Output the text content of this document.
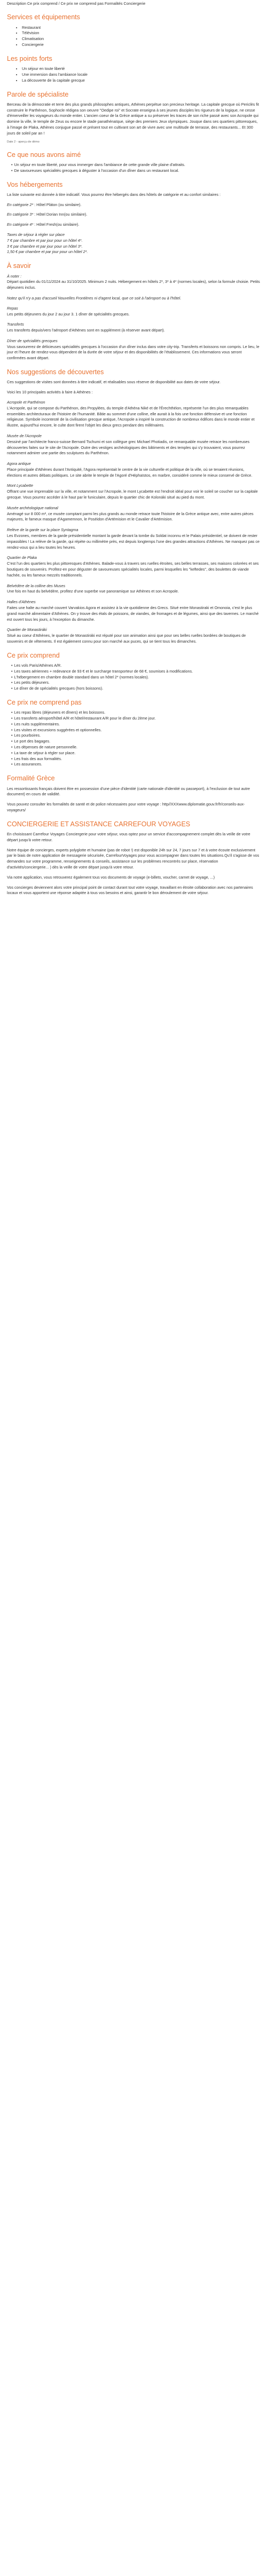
Description Ce prix comprend / Ce prix ne comprend pas Formalités Conciergerie

Services et équipements
• Restaurant
• Télévision
• Climatisation
• Conciergerie
Les points forts
• Un séjour en toute liberté
• Une immersion dans l'ambiance locale
• La découverte de la capitale grecque
Parole de spécialiste

Berceau de la démocratie et terre des plus grands philosophes antiques, Athènes perpétue son precieux heritage. La capitale grecque où Periclès fit construire le Parthénon, Sophocle rédigea son oeuvre "Oedipe roi" et Socrate enseigna à ses jeunes disciples les rigueurs de la logique, ne cesse d'émerveiller les voyageurs du monde entier. L'ancien coeur de la Grèce antique a su préserver les traces de son riche passé avec son Acropole qui domine la ville, le temple de Zeus ou encore le stade panathénaïque, siège des premiers Jeux olympiques. Jouque dans ses quartiers pittoresques, à l'image de Plaka, Athènes conjugue passé et présent tout en cultivant son art de vivre avec une multitude de terrasse, des restaurants... Et 300 jours de soleil par an !

Date 2 - aperçu de démo

Ce que nous avons aimé
• Un séjour en toute liberté, pour vous immerger dans l'ambiance de cette grande ville plaine d'attraits.
• De savoureuses spécialités grecques à déguster à l'occasion d'un dîner dans un restaurant local.
Vos hébergements

La liste suivante est donnée à titre indicatif. Vous pourrez être hébergés dans des hôtels de catégorie et au confort similaires :

En catégorie 2* : Hôtel Pláton (ou similaire).

En catégorie 3* : Hôtel Dorian Inn(ou similaire).

En catégorie 4* : Hôtel Fresh(ou similaire).

Taxes de séjour à régler sur place
7 € par chambre et par jour pour un hôtel 4*.
3 € par chambre et par jour pour un hôtel 3*.
1,50 € par chambre et par jour pour un hôtel 2*.
À savoir
À noter :
Départ quotidien du 01/11/2024 au 31/10/2025. Minimum 2 nuits. Hébergement en hôtels 2*, 3* à 4* (normes locales), selon la formule choisie. Petits déjeuners inclus.

Notez qu'il n'y a pas d'accueil Nouvelles Frontières ni d'agent local, que ce soit à l'aéroport ou à l'hôtel.

Repas
Les petits déjeuners du jour 2 au jour 3. 1 dîner de spécialités grecques.
Transferts
Les transferts depuis/vers l'aéroport d'Athènes sont en supplément (à réserver avant départ).
Dîner de spécialités grecques
Vous savourerez de délicieuses spécialités grecques à l'occasion d'un dîner inclus dans votre city-trip. Transferts et boissons non compris. Le lieu, le jour et l'heure de rendez-vous dépendent de la durée de votre séjour et des disponibilités de l'établissement. Ces informations vous seront confirmées avant départ.
Nos suggestions de découvertes

Ces suggestions de visites sont données à titre indicatif, et réalisables sous réserve de disponibilité aux dates de votre séjour.

Voici les 10 principales activités à faire à Athènes :

Acropole et Parthénon
L'Acropole, qui se compose du Parthénon, des Propylées, du temple d'Athéna Niké et de l'Érechthéion, représente l'un des plus remarquables ensembles architecturaux de l'histoire de l'humanité. Bâtie au sommet d'une colline, elle aurait à la fois une fonction défensive et une fonction religieuse. Symbole incontesté de la civilisation grecque antique, l'Acropole a inspiré la construction de nombreux édifices dans le monde entier et illustre, aujourd'hui encore, le culte dont firent l'objet les dieux grecs pendant des millénaires.
Musée de l'Acropole
Dessiné par l'architecte franco-suisse Bernard Tschumi et son collègue grec Michael Photiadis, ce remarquable musée retrace les nombreuses découvertes faites sur le site de l'Acropole. Outre des vestiges archéologiques des bâtiments et des temples qui s'y trouvaient, vous pourrez notamment admirer une partie des sculptures du Parthénon.
Agora antique
Place principale d'Athènes durant l'Antiquité, l'Agora représentait le centre de la vie culturelle et politique de la ville, où se tenaient réunions, élections et autres débats politiques. Le site abrite le temple de l'Agoré d'Héphaïstos, en marbre, considéré comme le mieux conservé de Grèce.
Mont Lycabette
Offrant une vue imprenable sur la ville, et notamment sur l'Acropole, le mont Lycabette est l'endroit idéal pour voir le soleil se coucher sur la capitale grecque. Vous pourrez accéder à le haut par le funiculaire, depuis le quartier chic de Kolonáki situé au pied du mont.
Musée archéologique national
Aménagé sur 8 000 m², ce musée comptant parmi les plus grands au monde retrace toute l'histoire de la Grèce antique avec, entre autres pièces majeures, le fameux masque d'Agamemnon, le Poséidon d'Artémision et le Cavalier d'Artémision.
Relève de la garde sur la place Syntagma
Les Evzones, membres de la garde présidentielle montant la garde devant la tombe du Soldat inconnu et le Palais présidentiel, se doivent de rester impassibles ! La relève de la garde, qui répète ou millimètre près, est depuis longtemps l'une des grandes attractions d'Athènes. Ne manquez pas ce rendez-vous qui a lieu toutes les heures.
Quartier de Plaka
C'est l'un des quartiers les plus pittoresques d'Athènes. Balade-vous à travers ses ruelles étroites, ses belles terrasses, ses maisons colorées et ses boutiques de souvenirs. Profitez-en pour déguster de savoureuses spécialités locales, parmi lesquelles les "keftedes", des boulettes de viande hachée, ou les fameux mezzés traditionnels.
Belvédère de la colline des Muses
Une fois en haut du belvédère, profitez d'une superbe vue panoramique sur Athènes et son Acropole.
Halles d'Athènes
Faites une halte au marché couvert Varvakios Agora et assistez à la vie quotidienne des Grecs. Situé entre Monastiraki et Omonoia, c'est le plus grand marché alimentaire d'Athènes. On y trouve des étals de poissons, de viandes, de fromages et de légumes, ainsi que des tavernes. Le marché est ouvert tous les jours, à l'exception du dimanche.
Quartier de Monastiráki
Situé au coeur d'Athènes, le quartier de Monastiráki est réputé pour son animation ainsi que pour ses belles ruelles bordées de boutiques de souvenirs et de vêtements. Il est également connu pour son marché aux puces, qui se tient tous les dimanches.
Ce prix comprend
• Les vols Paris/Athènes A/R.
• Les taxes aériennes + redevance de 93 € et le surcharge transporteur de 68 €, soumises à modifications.
• L'hébergement en chambre double standard dans un hôtel 2* (normes locales).
• Les petits déjeuners.
• Le dîner de de spécialités grecques (hors boissons).
Ce prix ne comprend pas
• Les repas libres (déjeuners et dîners) et les boissons.
• Les transferts aéroport/hôtel A/R et hôtel/restaurant A/R pour le dîner du 2ème jour.
• Les nuits supplémentaires.
• Les visites et excursions suggérées et optionnelles.
• Les pourboires.
• Le port des bagages.
• Les dépenses de nature personnelle.
• La taxe de séjour à régler sur place.
• Les frais des aux formalités.
• Les assurances.
Formalité Grèce

Les ressortissants français doivent être en possession d'une pièce d'identité (carte nationale d'identité ou passeport), à l'exclusion de tout autre document) en cours de validité.

Vous pouvez consulter les formalités de santé et de police nécessaires pour votre voyage : http//XXXwww.diplomatie.gouv.fr/fr/conseils-aux-voyageurs/

CONCIERGERIE ET ASSISTANCE CARREFOUR VOYAGES

En choisissant Carrefour Voyages Conciergerie pour votre séjour, vous optez pour un service d'accompagnement complet dès la veille de votre départ jusqu'à votre retour.

Notre équipe de concierges, experts polyglotte et humaine (pas de robot !) est disponible 24h sur 24, 7 jours sur 7 et à votre écoute exclusivement par le biais de notre application de messagerie sécurisée, CarrefourVoyages pour vous accompagner dans toutes les situations.Qu'il s'agisse de vos demandes sur votre programme, renseignements & conseils, assistance sur les problèmes rencontrés sur place, réservation d'activités/conciergerie... ) dès la veille de votre départ jusqu'à votre retour.

Via notre application, vous retrouverez également tous vos documents de voyage (e-billets, voucher, carnet de voyage, ...)

Vos concierges deviennent alors votre principal point de contact durant tout votre voyage, travaillant en étroite collaboration avec nos partenaires locaux et vous apportent une réponse adaptée à tous vos besoins et ainsi, garantir le bon déroulement de votre séjour.
